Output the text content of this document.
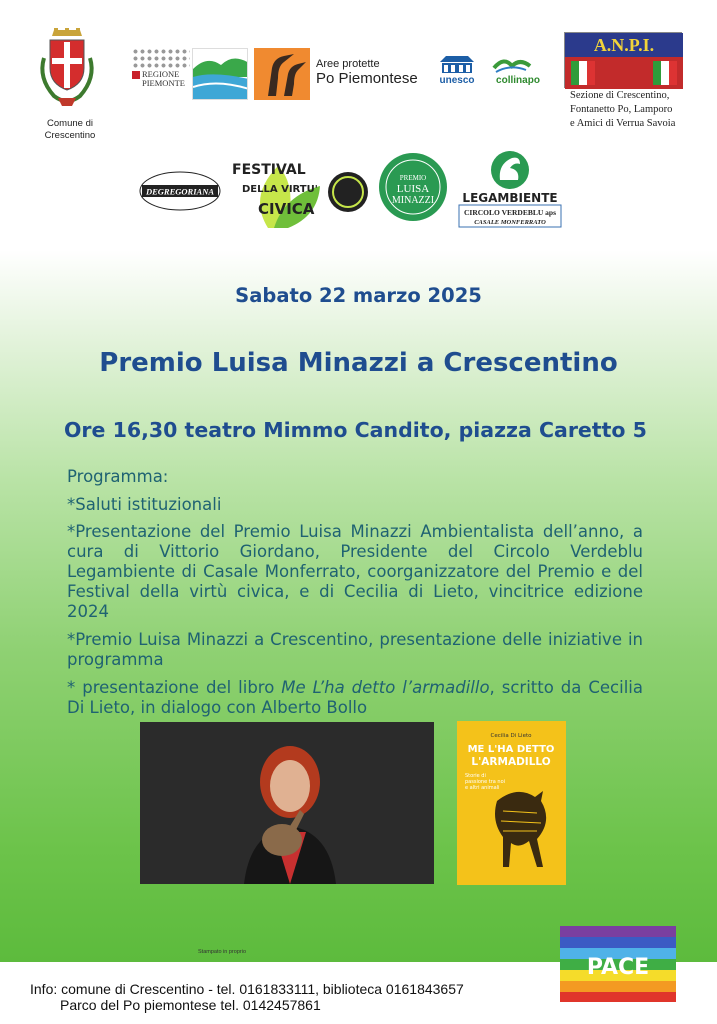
Comune di
Crescentino
REGIONE
PIEMONTE
Aree protette
Po Piemontese unesco collinapo
A.N.P.I.
Sezione di Crescentino,
Fontanetto Po, Lamporo
e Amici di Verrua Savoia
DEGREGORIANA
FESTIVAL
DELLA VIRTU'
CIVICA
PREMIO
LUISA
MINAZZI LEGAMBIENTE
CIRCOLO VERDEBLU aps
CASALE MONFERRATO
Sabato 22 marzo 2025
Premio Luisa Minazzi a Crescentino
Ore 16,30 teatro Mimmo Candito, piazza Caretto 5
Programma:
*Saluti istituzionali
*Presentazione del Premio Luisa Minazzi Ambientalista dell’anno, a cura di Vittorio Giordano, Presidente del Circolo Verdeblu Legambiente di Casale Monferrato, coorganizzatore del Premio e del Festival della virtù civica, e di Cecilia di Lieto, vincitrice edizione 2024
*Premio Luisa Minazzi a Crescentino, presentazione delle iniziative in programma
* presentazione del libro Me L’ha detto l’armadillo, scritto da Cecilia Di Lieto, in dialogo con Alberto Bollo
Cecilia Di Lieto
ME L'HA DETTO
L'ARMADILLO
Storie di passione tra noi e altri animali
Stampato in proprio
PACE
Info: comune di Crescentino - tel. 0161833111, biblioteca 0161843657
Parco del Po piemontese tel. 0142457861
